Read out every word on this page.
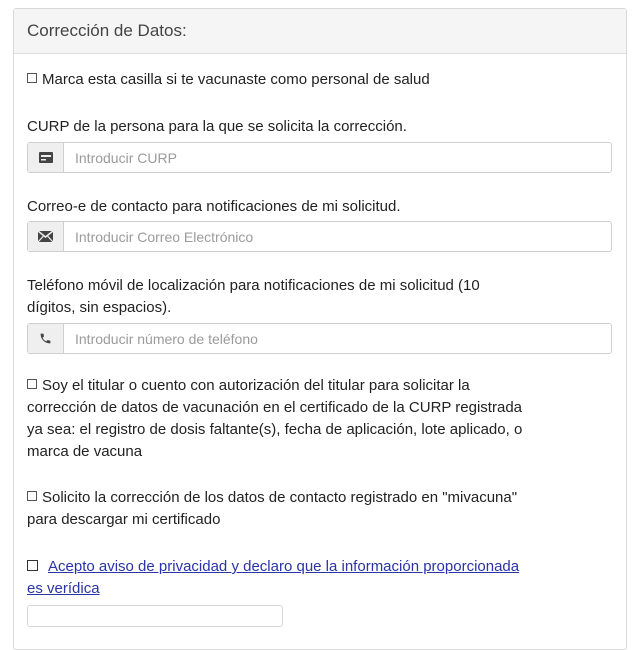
Corrección de Datos:
Marca esta casilla si te vacunaste como personal de salud
CURP de la persona para la que se solicita la corrección.
Introducir CURP
Correo-e de contacto para notificaciones de mi solicitud.
Introducir Correo Electrónico
Teléfono móvil de localización para notificaciones de mi solicitud (10
dígitos, sin espacios).
Introducir número de teléfono
Soy el titular o cuento con autorización del titular para solicitar la
corrección de datos de vacunación en el certificado de la CURP registrada
ya sea: el registro de dosis faltante(s), fecha de aplicación, lote aplicado, o
marca de vacuna
Solicito la corrección de los datos de contacto registrado en "mivacuna"
para descargar mi certificado
Acepto aviso de privacidad y declaro que la información proporcionada
es verídica
